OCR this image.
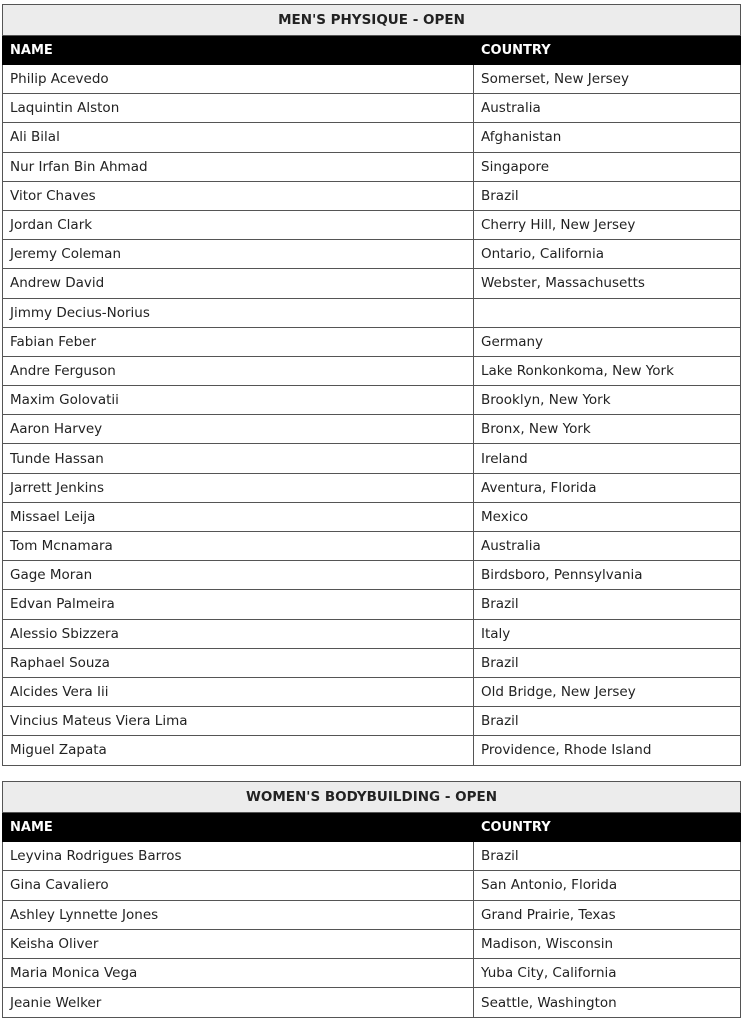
MEN'S PHYSIQUE - OPEN	
NAME	COUNTRY
Philip Acevedo	Somerset, New Jersey
Laquintin Alston	Australia
Ali Bilal	Afghanistan
Nur Irfan Bin Ahmad	Singapore
Vitor Chaves	Brazil
Jordan Clark	Cherry Hill, New Jersey
Jeremy Coleman	Ontario, California
Andrew David	Webster, Massachusetts
Jimmy Decius-Norius	
Fabian Feber	Germany
Andre Ferguson	Lake Ronkonkoma, New York
Maxim Golovatii	Brooklyn, New York
Aaron Harvey	Bronx, New York
Tunde Hassan	Ireland
Jarrett Jenkins	Aventura, Florida
Missael Leija	Mexico
Tom Mcnamara	Australia
Gage Moran	Birdsboro, Pennsylvania
Edvan Palmeira	Brazil
Alessio Sbizzera	Italy
Raphael Souza	Brazil
Alcides Vera Iii	Old Bridge, New Jersey
Vincius Mateus Viera Lima	Brazil
Miguel Zapata	Providence, Rhode Island
WOMEN'S BODYBUILDING - OPEN	
NAME	COUNTRY
Leyvina Rodrigues Barros	Brazil
Gina Cavaliero	San Antonio, Florida
Ashley Lynnette Jones	Grand Prairie, Texas
Keisha Oliver	Madison, Wisconsin
Maria Monica Vega	Yuba City, California
Jeanie Welker	Seattle, Washington
